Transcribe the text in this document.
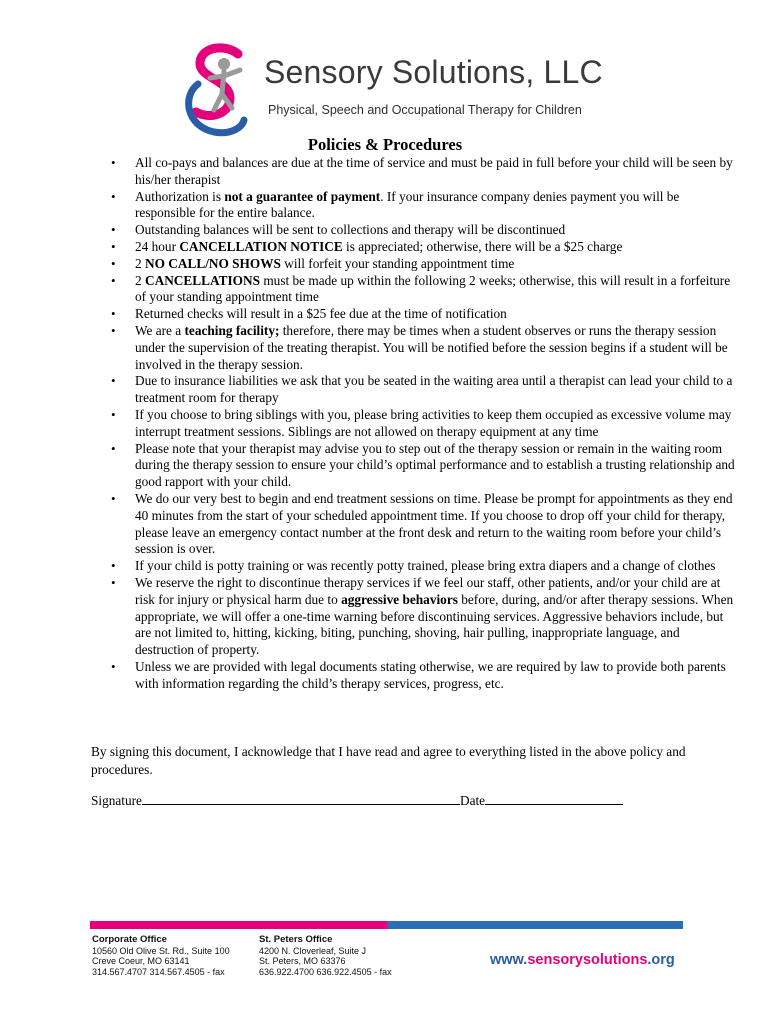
Sensory Solutions, LLC
Physical, Speech and Occupational Therapy for Children
Policies & Procedures
• All co-pays and balances are due at the time of service and must be paid in full before your child will be seen by his/her therapist
• Authorization is not a guarantee of payment. If your insurance company denies payment you will be responsible for the entire balance.
• Outstanding balances will be sent to collections and therapy will be discontinued
• 24 hour CANCELLATION NOTICE is appreciated; otherwise, there will be a $25 charge
• 2 NO CALL/NO SHOWS will forfeit your standing appointment time
• 2 CANCELLATIONS must be made up within the following 2 weeks; otherwise, this will result in a forfeiture of your standing appointment time
• Returned checks will result in a $25 fee due at the time of notification
• We are a teaching facility; therefore, there may be times when a student observes or runs the therapy session under the supervision of the treating therapist. You will be notified before the session begins if a student will be involved in the therapy session.
• Due to insurance liabilities we ask that you be seated in the waiting area until a therapist can lead your child to a treatment room for therapy
• If you choose to bring siblings with you, please bring activities to keep them occupied as excessive volume may interrupt treatment sessions. Siblings are not allowed on therapy equipment at any time
• Please note that your therapist may advise you to step out of the therapy session or remain in the waiting room during the therapy session to ensure your child’s optimal performance and to establish a trusting relationship and good rapport with your child.
• We do our very best to begin and end treatment sessions on time. Please be prompt for appointments as they end 40 minutes from the start of your scheduled appointment time. If you choose to drop off your child for therapy, please leave an emergency contact number at the front desk and return to the waiting room before your child’s session is over.
• If your child is potty training or was recently potty trained, please bring extra diapers and a change of clothes
• We reserve the right to discontinue therapy services if we feel our staff, other patients, and/or your child are at risk for injury or physical harm due to aggressive behaviors before, during, and/or after therapy sessions. When appropriate, we will offer a one-time warning before discontinuing services. Aggressive behaviors include, but are not limited to, hitting, kicking, biting, punching, shoving, hair pulling, inappropriate language, and destruction of property.
• Unless we are provided with legal documents stating otherwise, we are required by law to provide both parents with information regarding the child’s therapy services, progress, etc.
By signing this document, I acknowledge that I have read and agree to everything listed in the above policy and procedures.
Signature	Date
Corporate Office
10560 Old Olive St. Rd., Suite 100
Creve Coeur, MO 63141
314.567.4707 314.567.4505 - fax
St. Peters Office
4200 N. Cloverleaf, Suite J
St. Peters, MO 63376
636.922.4700 636.922.4505 - fax
www.sensorysolutions.org
